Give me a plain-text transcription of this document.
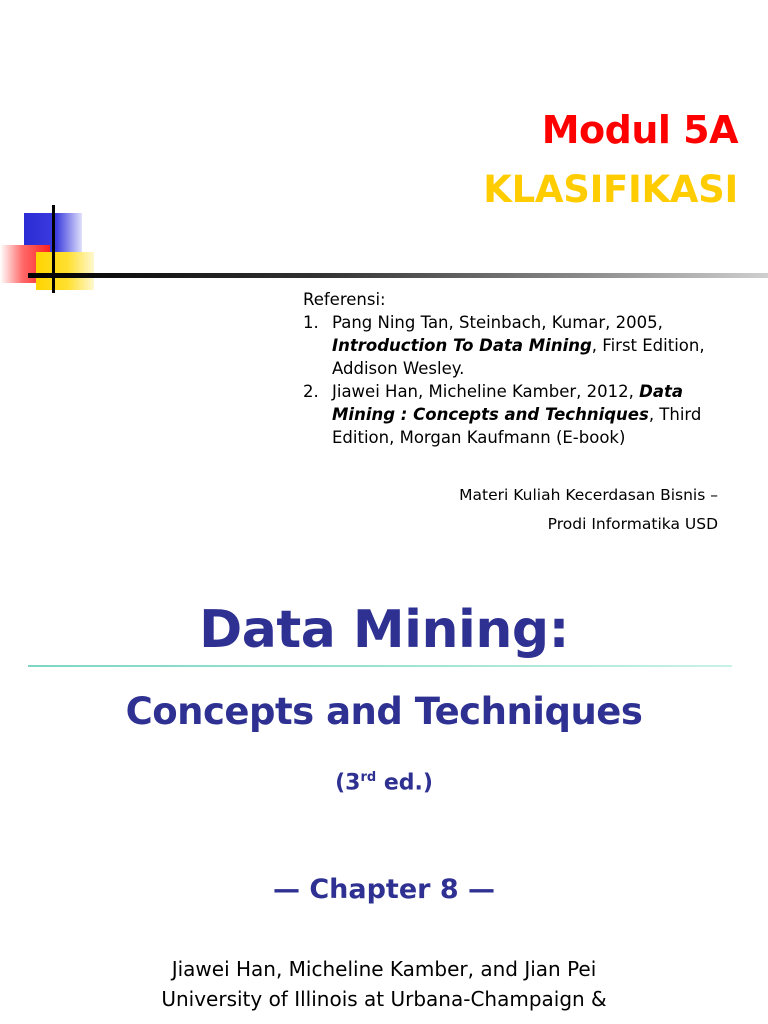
Modul 5A
KLASIFIKASI

Referensi:

1. Pang Ning Tan, Steinbach, Kumar, 2005, Introduction To Data Mining, First Edition, Addison Wesley.
2. Jiawei Han, Micheline Kamber, 2012, Data Mining : Concepts and Techniques, Third Edition, Morgan Kaufmann (E-book)
Materi Kuliah Kecerdasan Bisnis –
Prodi Informatika USD
Data Mining:
Concepts and Techniques
(3rd ed.)
— Chapter 8 —
Jiawei Han, Micheline Kamber, and Jian Pei
University of Illinois at Urbana-Champaign &
